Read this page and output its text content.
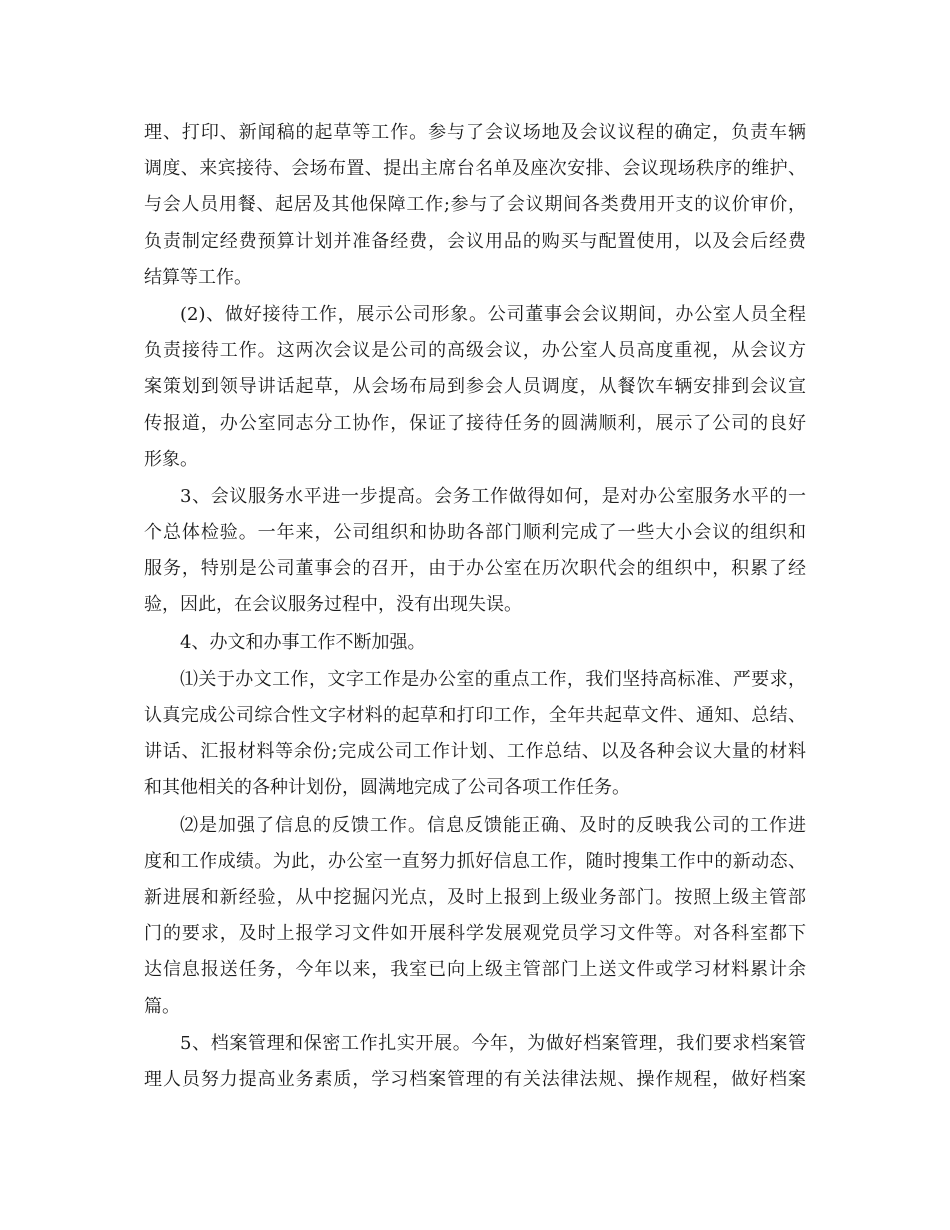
理、打印、新闻稿的起草等工作。参与了会议场地及会议议程的确定，负责车辆
调度、来宾接待、会场布置、提出主席台名单及座次安排、会议现场秩序的维护、
与会人员用餐、起居及其他保障工作;参与了会议期间各类费用开支的议价审价，
负责制定经费预算计划并准备经费，会议用品的购买与配置使用，以及会后经费
结算等工作。
(2)、做好接待工作，展示公司形象。公司董事会会议期间，办公室人员全程
负责接待工作。这两次会议是公司的高级会议，办公室人员高度重视，从会议方
案策划到领导讲话起草，从会场布局到参会人员调度，从餐饮车辆安排到会议宣
传报道，办公室同志分工协作，保证了接待任务的圆满顺利，展示了公司的良好
形象。
3、会议服务水平进一步提高。会务工作做得如何，是对办公室服务水平的一
个总体检验。一年来，公司组织和协助各部门顺利完成了一些大小会议的组织和
服务，特别是公司董事会的召开，由于办公室在历次职代会的组织中，积累了经
验，因此，在会议服务过程中，没有出现失误。
4、办文和办事工作不断加强。
⑴关于办文工作，文字工作是办公室的重点工作，我们坚持高标准、严要求，
认真完成公司综合性文字材料的起草和打印工作，全年共起草文件、通知、总结、
讲话、汇报材料等余份;完成公司工作计划、工作总结、以及各种会议大量的材料
和其他相关的各种计划份，圆满地完成了公司各项工作任务。
⑵是加强了信息的反馈工作。信息反馈能正确、及时的反映我公司的工作进
度和工作成绩。为此，办公室一直努力抓好信息工作，随时搜集工作中的新动态、
新进展和新经验，从中挖掘闪光点，及时上报到上级业务部门。按照上级主管部
门的要求，及时上报学习文件如开展科学发展观党员学习文件等。对各科室都下
达信息报送任务，今年以来，我室已向上级主管部门上送文件或学习材料累计余
篇。
5、档案管理和保密工作扎实开展。今年，为做好档案管理，我们要求档案管
理人员努力提高业务素质，学习档案管理的有关法律法规、操作规程，做好档案
